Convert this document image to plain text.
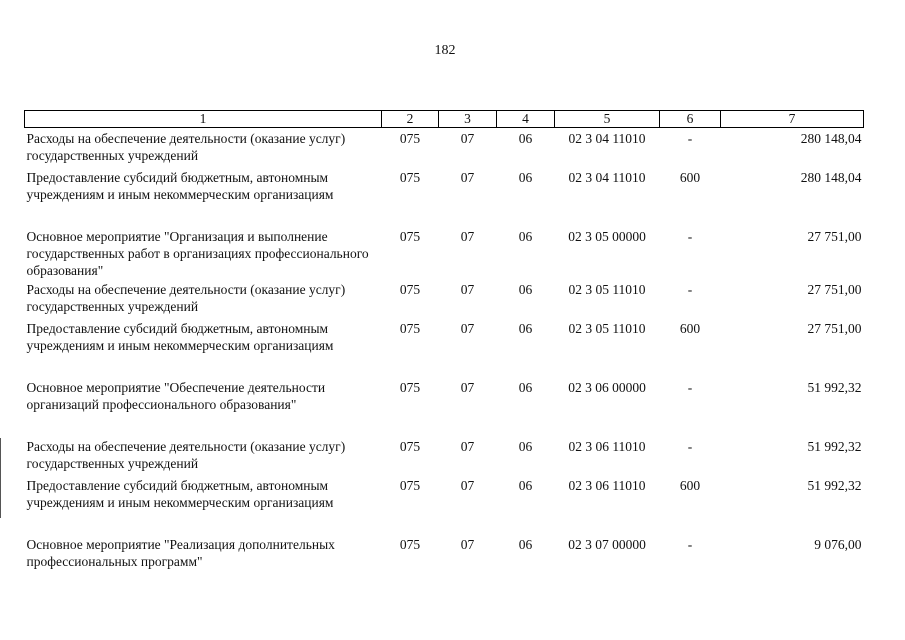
182
1	2	3	4	5	6	7
Расходы на обеспечение деятельности (оказание услуг) государственных учреждений	075	07	06	02 3 04 11010	-	280 148,04
Предоставление субсидий бюджетным, автономным учреждениям и иным некоммерческим организациям	075	07	06	02 3 04 11010	600	280 148,04
Основное мероприятие "Организация и выполнение государственных работ в организациях профессионального образования"	075	07	06	02 3 05 00000	-	27 751,00
Расходы на обеспечение деятельности (оказание услуг) государственных учреждений	075	07	06	02 3 05 11010	-	27 751,00
Предоставление субсидий бюджетным, автономным учреждениям и иным некоммерческим организациям	075	07	06	02 3 05 11010	600	27 751,00
Основное мероприятие "Обеспечение деятельности организаций профессионального образования"	075	07	06	02 3 06 00000	-	51 992,32
Расходы на обеспечение деятельности (оказание услуг) государственных учреждений	075	07	06	02 3 06 11010	-	51 992,32
Предоставление субсидий бюджетным, автономным учреждениям и иным некоммерческим организациям	075	07	06	02 3 06 11010	600	51 992,32
Основное мероприятие "Реализация дополнительных профессиональных программ"	075	07	06	02 3 07 00000	-	9 076,00
